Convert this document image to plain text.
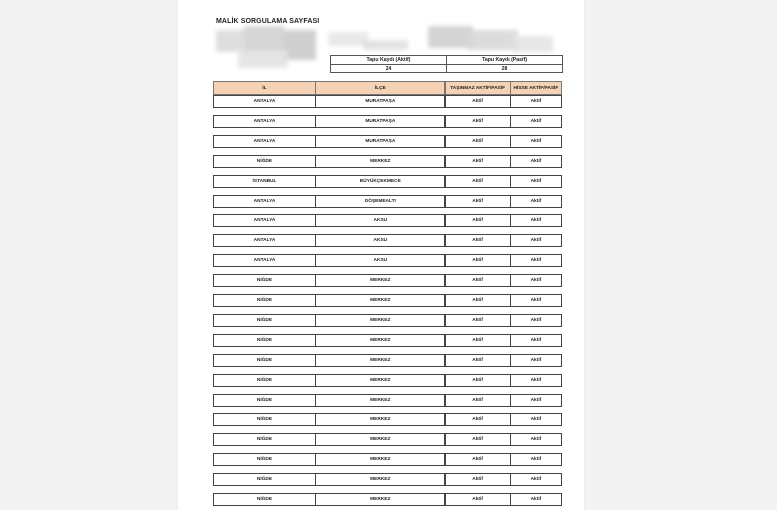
MALİK SORGULAMA SAYFASI
Tapu Kaydı (Aktif)	Tapu Kaydı (Pasif)
24	28
İL	İLÇE	TAŞINMAZ AKTİF/PASİF	HİSSE AKTİF/PASİF
ANTALYA	MURATPAŞA	Aktif	Aktif
ANTALYA	MURATPAŞA	Aktif	Aktif
ANTALYA	MURATPAŞA	Aktif	Aktif
NİĞDE	MERKEZ	Aktif	Aktif
İSTANBUL	BÜYÜKÇEKMECE	Aktif	Aktif
ANTALYA	DÖŞEMEALTI	Aktif	Aktif
ANTALYA	AKSU	Aktif	Aktif
ANTALYA	AKSU	Aktif	Aktif
ANTALYA	AKSU	Aktif	Aktif
NİĞDE	MERKEZ	Aktif	Aktif
NİĞDE	MERKEZ	Aktif	Aktif
NİĞDE	MERKEZ	Aktif	Aktif
NİĞDE	MERKEZ	Aktif	Aktif
NİĞDE	MERKEZ	Aktif	Aktif
NİĞDE	MERKEZ	Aktif	Aktif
NİĞDE	MERKEZ	Aktif	Aktif
NİĞDE	MERKEZ	Aktif	Aktif
NİĞDE	MERKEZ	Aktif	Aktif
NİĞDE	MERKEZ	Aktif	Aktif
NİĞDE	MERKEZ	Aktif	Aktif
NİĞDE	MERKEZ	Aktif	Aktif
